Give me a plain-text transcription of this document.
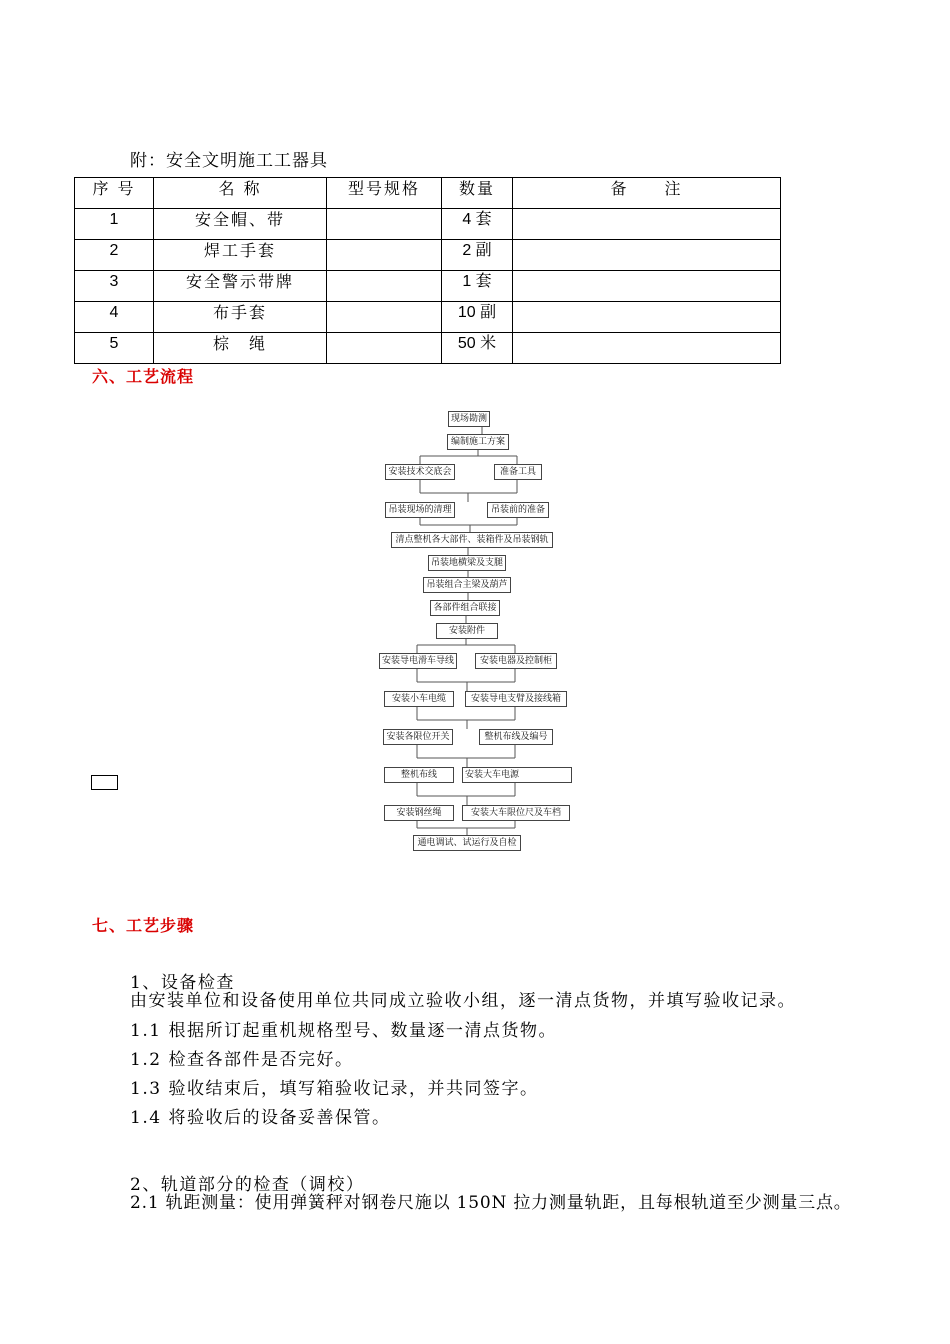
附：安全文明施工工器具
序 号	名 称	型号规格	数量	备　　注
1	安全帽、带		4 套	
2	焊工手套		2 副	
3	安全警示带牌		1 套	
4	布手套		10 副	
5	棕　绳		50 米	
六、工艺流程
现场勘测
编制施工方案
安装技术交底会	准备工具
吊装现场的清理	吊装前的准备
清点整机各大部件、装箱件及吊装钢轨
吊装地横梁及支腿
吊装组合主梁及葫芦
各部件组合联接
安装附件
安装导电滑车导线	安装电器及控制柜
安装小车电缆	安装导电支臂及接线箱
安装各限位开关	整机布线及编号
整机布线	安装大车电源
安装钢丝绳	安装大车限位尺及车档
通电调试、试运行及自检
七、工艺步骤
1、设备检查
由安装单位和设备使用单位共同成立验收小组，逐一清点货物，并填写验收记录。
1.1 根据所订起重机规格型号、数量逐一清点货物。
1.2 检查各部件是否完好。
1.3 验收结束后，填写箱验收记录，并共同签字。
1.4 将验收后的设备妥善保管。
2、轨道部分的检查（调校）
2.1 轨距测量：使用弹簧秤对钢卷尺施以 150N 拉力测量轨距，且每根轨道至少测量三点。
